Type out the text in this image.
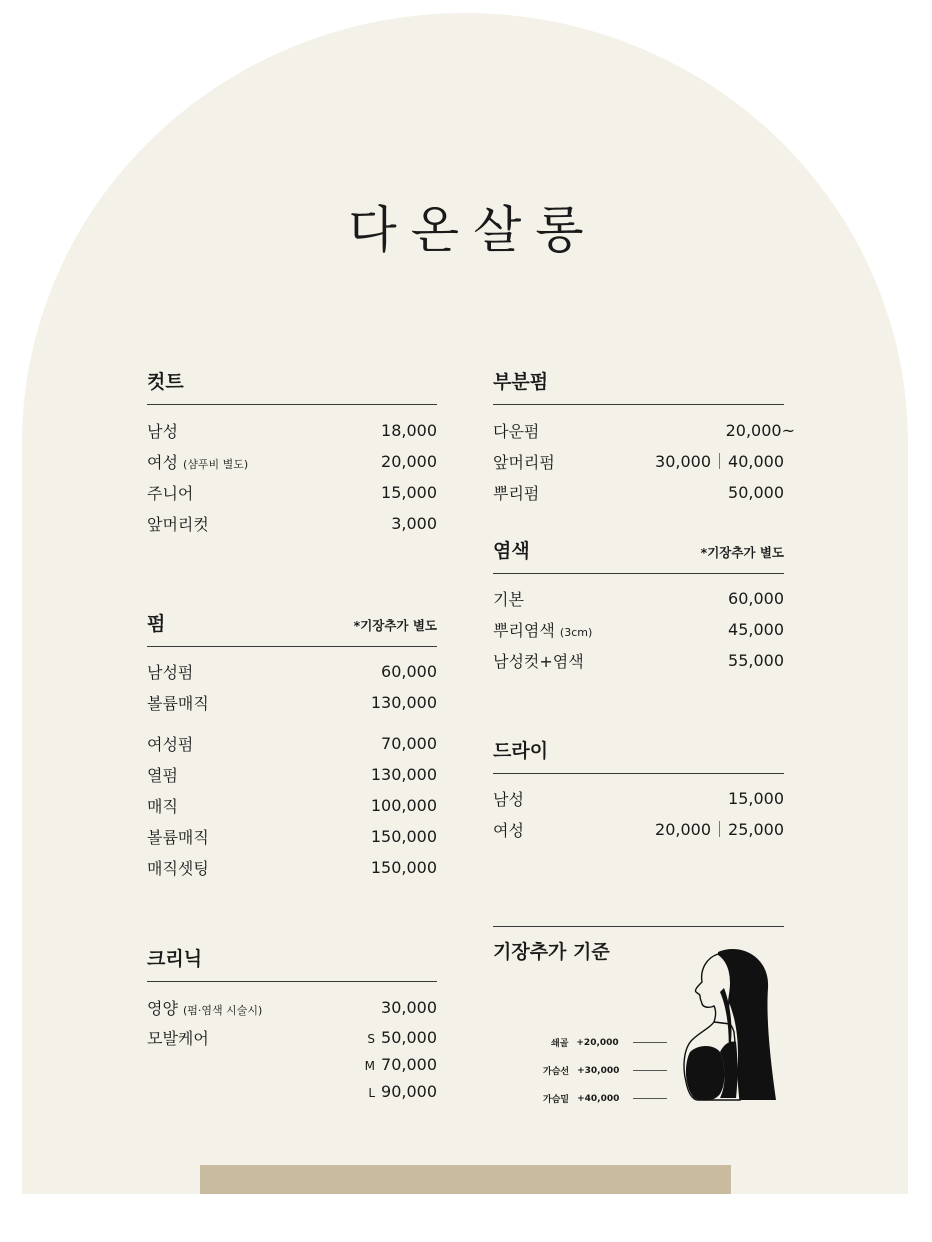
다온살롱
컷트
남성	18,000
여성 (샴푸비 별도)	20,000
주니어	15,000
앞머리컷	3,000
펌	*기장추가 별도
남성펌	60,000
볼륨매직	130,000
여성펌	70,000
열펌	130,000
매직	100,000
볼륨매직	150,000
매직셋팅	150,000
크리닉
영양 (펌·염색 시술시)	30,000
모발케어	S 50,000
M 70,000
L 90,000
부분펌
다운펌	20,000~
앞머리펌	30,000 40,000
뿌리펌	50,000
염색	*기장추가 별도
기본	60,000
뿌리염색 (3cm)	45,000
남성컷+염색	55,000
드라이
남성	15,000
여성	20,000 25,000
기장추가 기준
쇄골 +20,000
가슴선 +30,000
가슴밑 +40,000
